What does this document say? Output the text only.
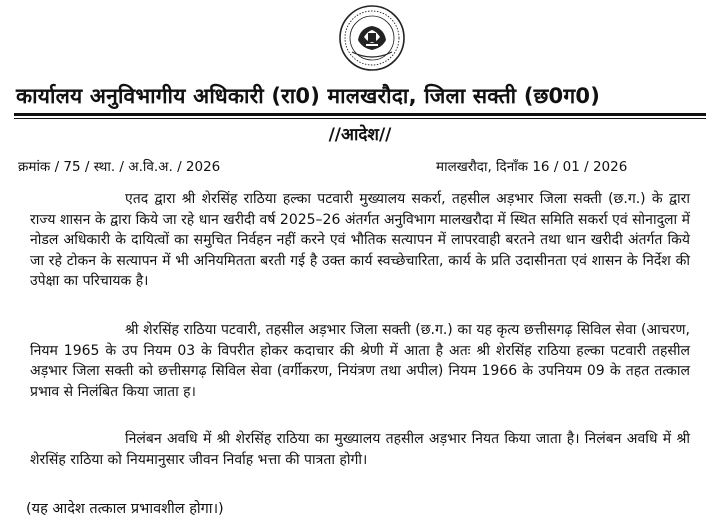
कार्यालय अनुविभागीय अधिकारी (रा0) मालखरौदा, जिला सक्ती (छ0ग0)
//आदेश//
क्रमांक / 75 / स्था. / अ.वि.अ. / 2026	मालखरौदा, दिनाँक 16 / 01 / 2026

एतद द्वारा श्री शेरसिंह राठिया हल्का पटवारी मुख्यालय सकर्रा, तहसील अड़भार जिला सक्ती (छ.ग.) के द्वारा राज्य शासन के द्वारा किये जा रहे धान खरीदी वर्ष 2025–26 अंतर्गत अनुविभाग मालखरौदा में स्थित समिति सकर्रा एवं सोनादुला में नोडल अधिकारी के दायित्वों का समुचित निर्वहन नहीं करने एवं भौतिक सत्यापन में लापरवाही बरतने तथा धान खरीदी अंतर्गत किये जा रहे टोकन के सत्यापन में भी अनियमितता बरती गई है उक्त कार्य स्वच्छेचारिता, कार्य के प्रति उदासीनता एवं शासन के निर्देश की उपेक्षा का परिचायक है।

श्री शेरसिंह राठिया पटवारी, तहसील अड़भार जिला सक्ती (छ.ग.) का यह कृत्य छत्तीसगढ़ सिविल सेवा (आचरण, नियम 1965 के उप नियम 03 के विपरीत होकर कदाचार की श्रेणी में आता है अतः श्री शेरसिंह राठिया हल्का पटवारी तहसील अड़भार जिला सक्ती को छत्तीसगढ़ सिविल सेवा (वर्गीकरण, नियंत्रण तथा अपील) नियम 1966 के उपनियम 09 के तहत तत्काल प्रभाव से निलंबित किया जाता ह।

निलंबन अवधि में श्री शेरसिंह राठिया का मुख्यालय तहसील अड़भार नियत किया जाता है। निलंबन अवधि में श्री शेरसिंह राठिया को नियमानुसार जीवन निर्वाह भत्ता की पात्रता होगी।

(यह आदेश तत्काल प्रभावशील होगा।)
